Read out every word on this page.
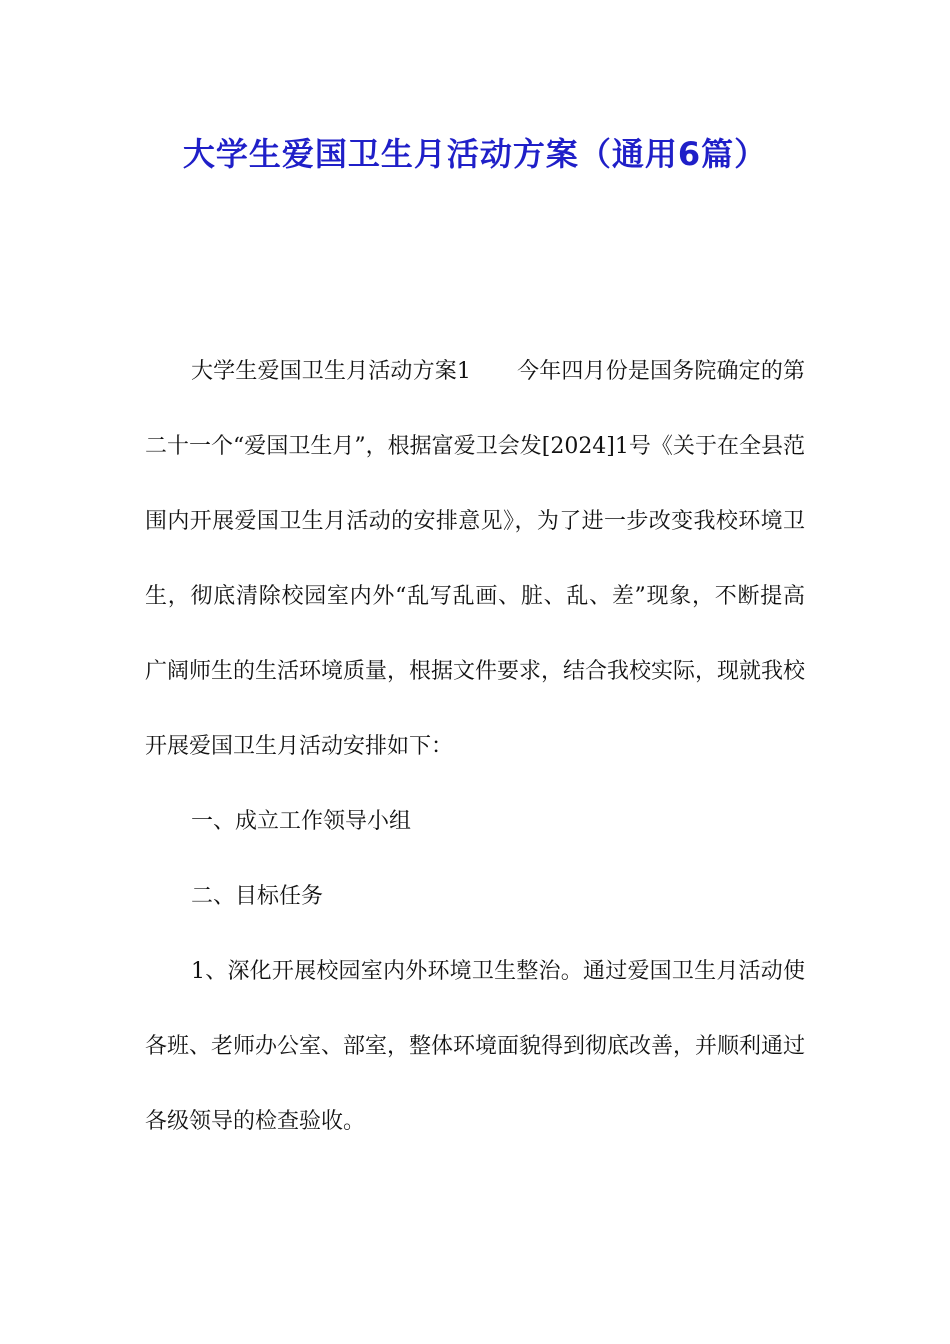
大学生爱国卫生月活动方案（通用6篇）

大学生爱国卫生月活动方案1 今年四月份是国务院确定的第二十一个“爱国卫生月”，根据富爱卫会发[2024]1号《关于在全县范围内开展爱国卫生月活动的安排意见》，为了进一步改变我校环境卫生，彻底清除校园室内外“乱写乱画、脏、乱、差”现象，不断提高广阔师生的生活环境质量，根据文件要求，结合我校实际，现就我校开展爱国卫生月活动安排如下：

一、成立工作领导小组

二、目标任务

1、深化开展校园室内外环境卫生整治。通过爱国卫生月活动使各班、老师办公室、部室，整体环境面貌得到彻底改善，并顺利通过各级领导的检查验收。
